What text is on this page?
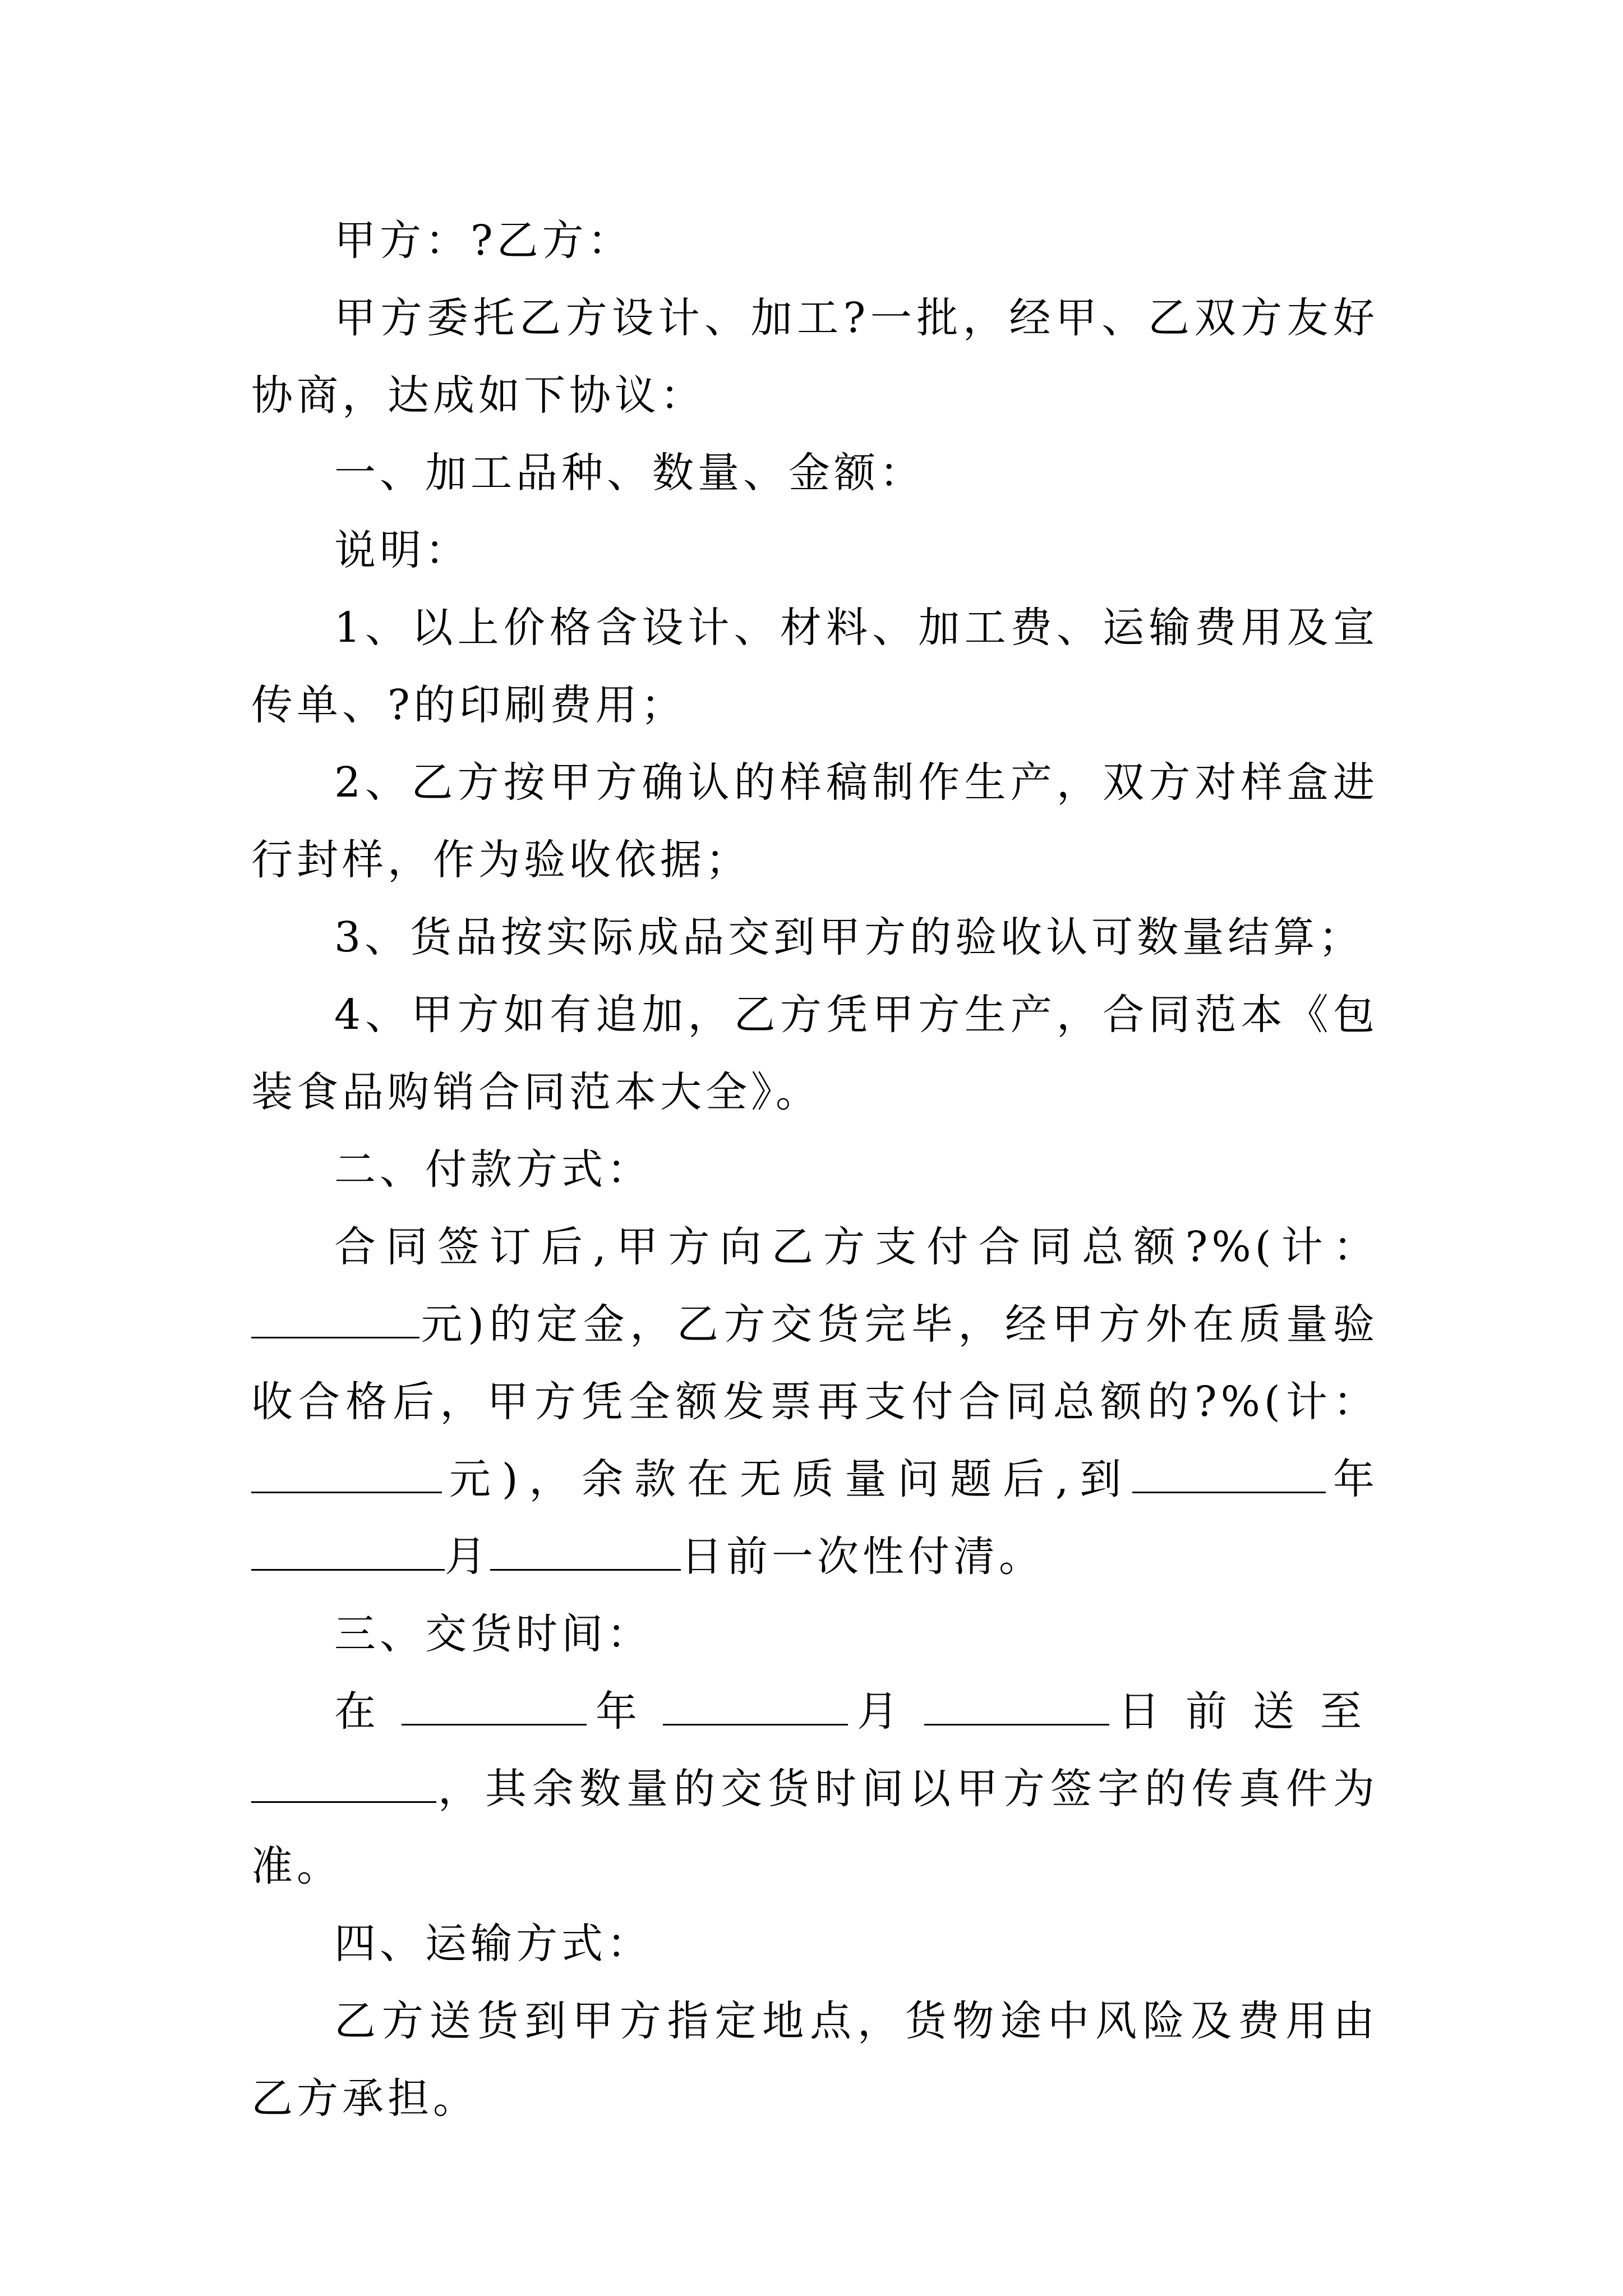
甲方：?乙方：

甲方委托乙方设计、加工?一批，经甲、乙双方友好协商，达成如下协议：

一、加工品种、数量、金额：

说明：

1、以上价格含设计、材料、加工费、运输费用及宣传单、?的印刷费用；

2、乙方按甲方确认的样稿制作生产，双方对样盒进行封样，作为验收依据；

3、货品按实际成品交到甲方的验收认可数量结算；

4、甲方如有追加，乙方凭甲方生产，合同范本《包装食品购销合同范本大全》。

二、付款方式：

合同签订后,甲方向乙方支付合同总额?%(计：元)的定金，乙方交货完毕，经甲方外在质量验收合格后，甲方凭全额发票再支付合同总额的?%(计：元)，余款在无质量问题后,到	年月	日前一次性付清。

三、交货时间：

在	年	月	日前送至，其余数量的交货时间以甲方签字的传真件为准。

四、运输方式：

乙方送货到甲方指定地点，货物途中风险及费用由乙方承担。
